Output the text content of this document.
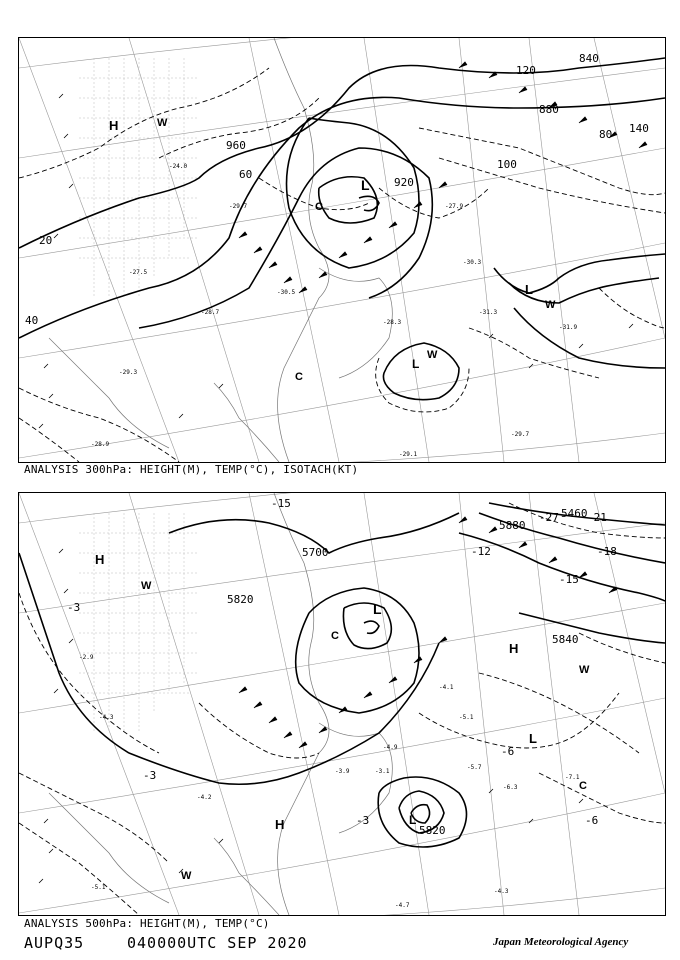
960
920
880
840
20
40
60
80
100
120
140
H
L
L
L
C
C
W
W
W
-27.5
-28.3
-29.3
-30.3
-31.3
-31.9
-29.7
-29.1
-30.5
-28.9
-27.9
-29.7
-24.0
-28.7
ANALYSIS 300hPa: HEIGHT(M), TEMP(°C), ISOTACH(KT)
5700
5820
5820
5840
5880
5460
-3
-3
-3
-6
-6
-12
-15
-18
-21
-27
-15
H
H
H
L
L
L
W
W
W
C
C
-4.3
-4.7
-5.1
-5.7
-6.3
-7.1
-4.2
-4.9
-3.9
-4.3	-5.1
-4.1
-3.1
-2.9
ANALYSIS 500hPa: HEIGHT(M), TEMP(°C)
AUPQ35	040000UTC SEP 2020	Japan Meteorological Agency
